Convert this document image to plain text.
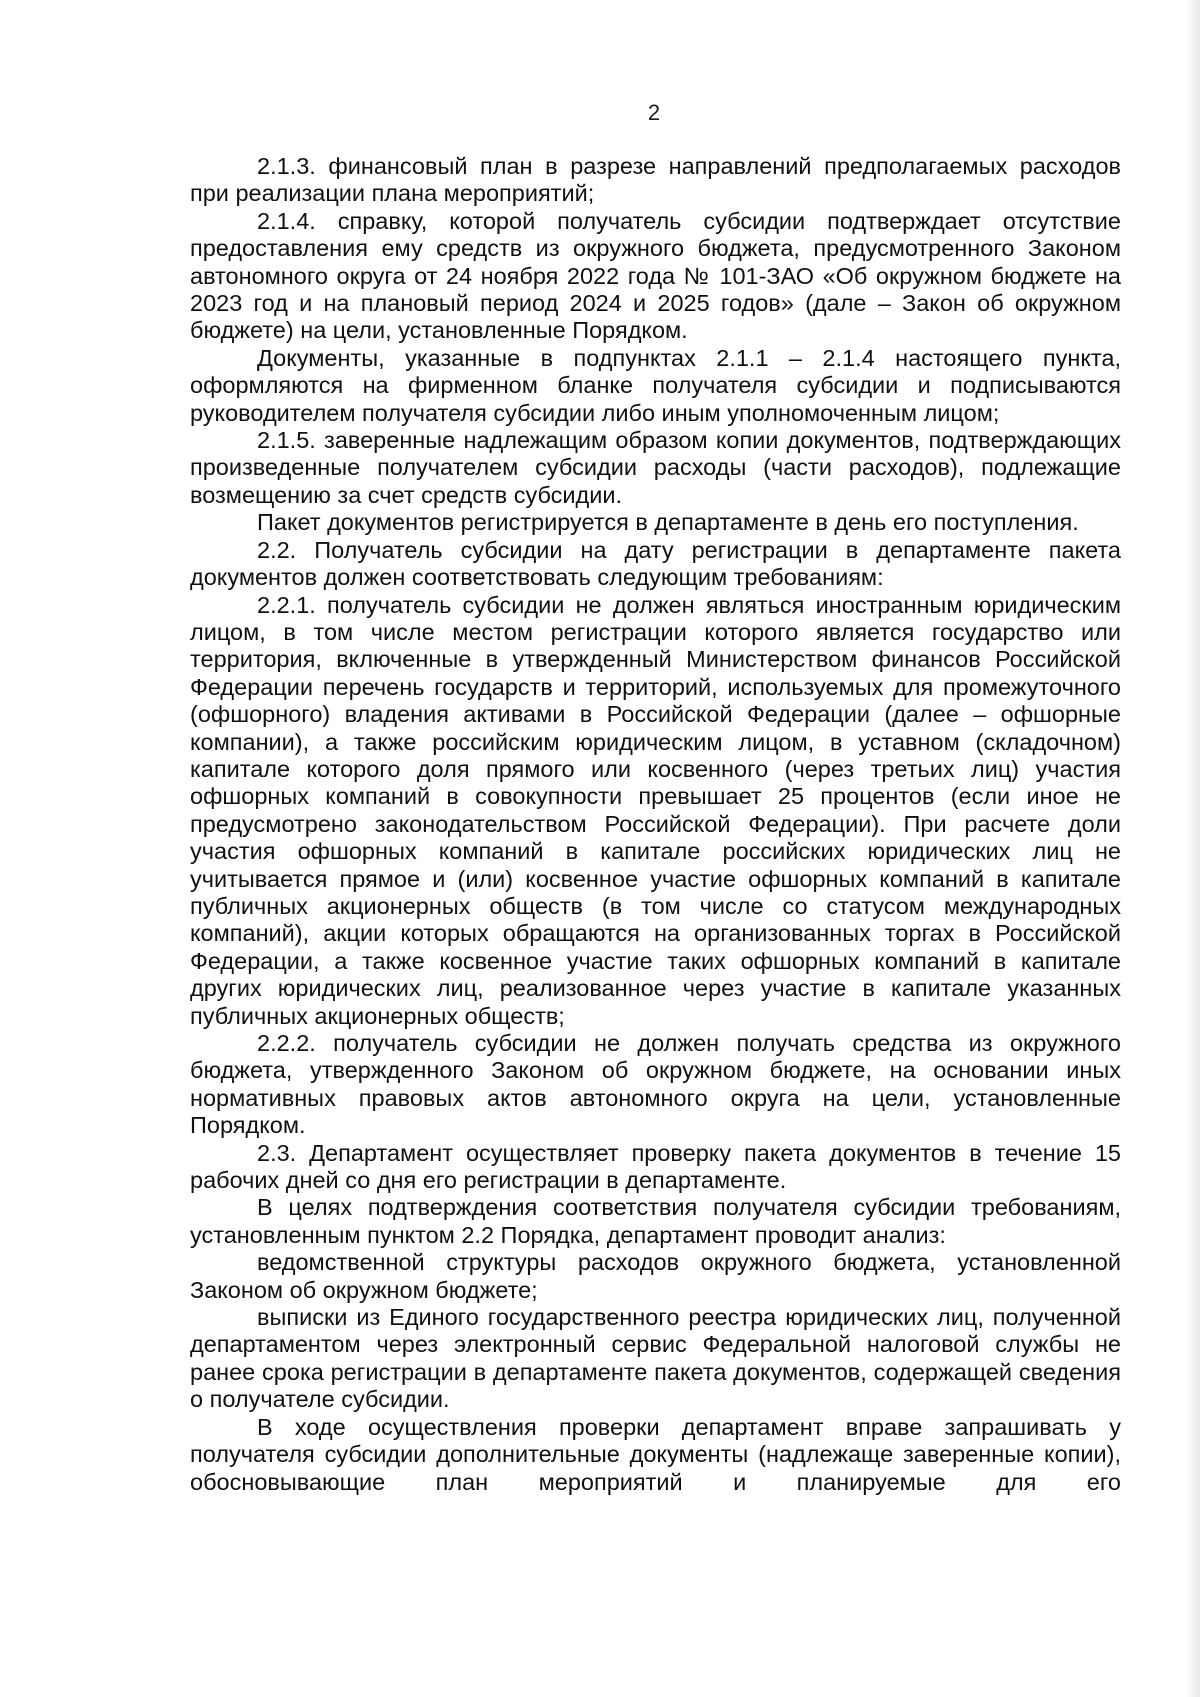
2

2.1.3. финансовый план в разрезе направлений предполагаемых расходов при реализации плана мероприятий;

2.1.4. справку, которой получатель субсидии подтверждает отсутствие предоставления ему средств из окружного бюджета, предусмотренного Законом автономного округа от 24 ноября 2022 года № 101-ЗАО «Об окружном бюджете на 2023 год и на плановый период 2024 и 2025 годов» (дале – Закон об окружном бюджете) на цели, установленные Порядком.

Документы, указанные в подпунктах 2.1.1 – 2.1.4 настоящего пункта, оформляются на фирменном бланке получателя субсидии и подписываются руководителем получателя субсидии либо иным уполномоченным лицом;

2.1.5. заверенные надлежащим образом копии документов, подтверждающих произведенные получателем субсидии расходы (части расходов), подлежащие возмещению за счет средств субсидии.

Пакет документов регистрируется в департаменте в день его поступления.

2.2. Получатель субсидии на дату регистрации в департаменте пакета документов должен соответствовать следующим требованиям:

2.2.1. получатель субсидии не должен являться иностранным юридическим лицом, в том числе местом регистрации которого является государство или территория, включенные в утвержденный Министерством финансов Российской Федерации перечень государств и территорий, используемых для промежуточного (офшорного) владения активами в Российской Федерации (далее – офшорные компании), а также российским юридическим лицом, в уставном (складочном) капитале которого доля прямого или косвенного (через третьих лиц) участия офшорных компаний в совокупности превышает 25 процентов (если иное не предусмотрено законодательством Российской Федерации). При расчете доли участия офшорных компаний в капитале российских юридических лиц не учитывается прямое и (или) косвенное участие офшорных компаний в капитале публичных акционерных обществ (в том числе со статусом международных компаний), акции которых обращаются на организованных торгах в Российской Федерации, а также косвенное участие таких офшорных компаний в капитале других юридических лиц, реализованное через участие в капитале указанных публичных акционерных обществ;

2.2.2. получатель субсидии не должен получать средства из окружного бюджета, утвержденного Законом об окружном бюджете, на основании иных нормативных правовых актов автономного округа на цели, установленные Порядком.

2.3. Департамент осуществляет проверку пакета документов в течение 15 рабочих дней со дня его регистрации в департаменте.

В целях подтверждения соответствия получателя субсидии требованиям, установленным пунктом 2.2 Порядка, департамент проводит анализ:

ведомственной структуры расходов окружного бюджета, установленной Законом об окружном бюджете;

выписки из Единого государственного реестра юридических лиц, полученной департаментом через электронный сервис Федеральной налоговой службы не ранее срока регистрации в департаменте пакета документов, содержащей сведения о получателе субсидии.

В ходе осуществления проверки департамент вправе запрашивать у получателя субсидии дополнительные документы (надлежаще заверенные копии), обосновывающие план мероприятий и планируемые для его
